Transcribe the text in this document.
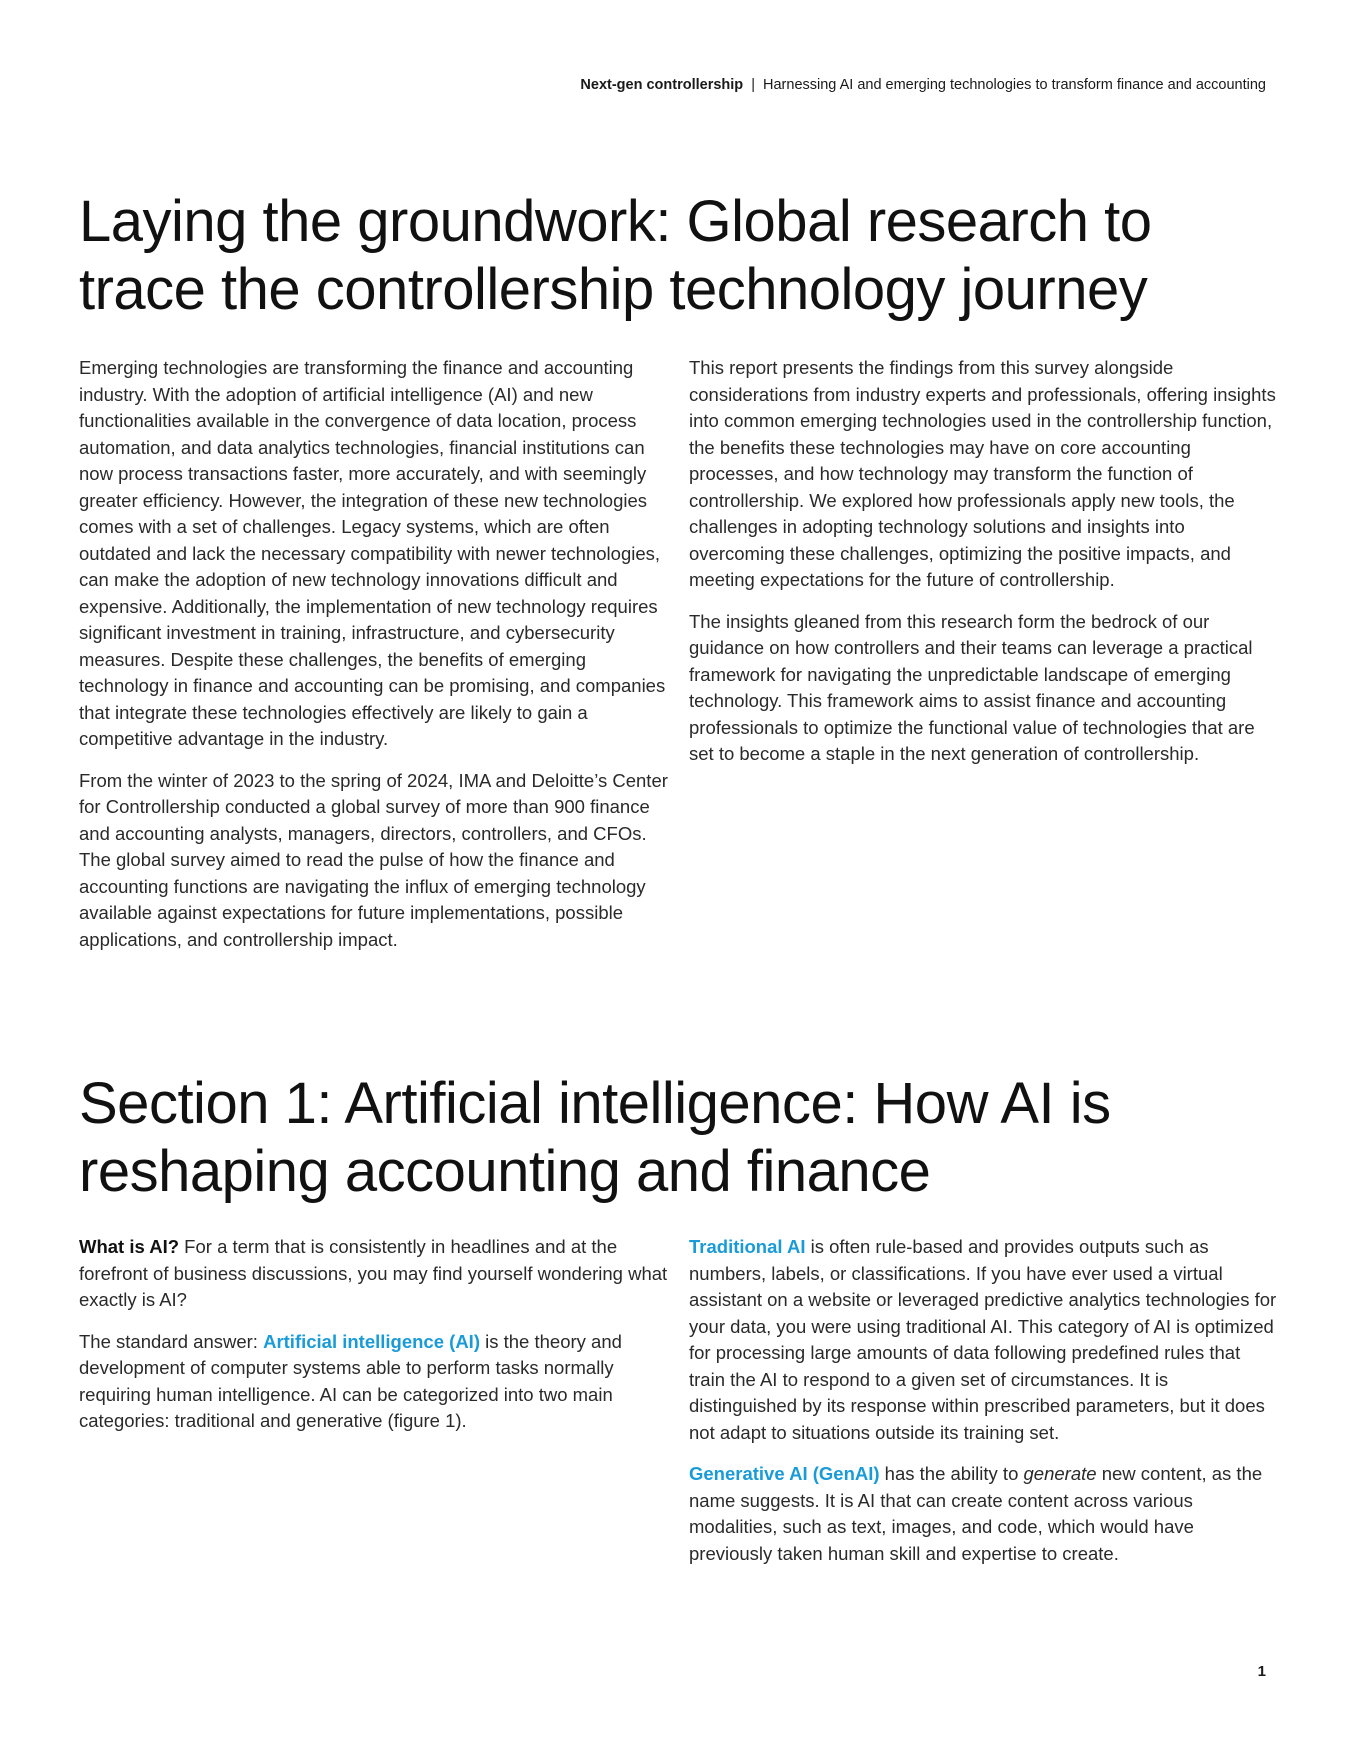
Next-gen controllership | Harnessing AI and emerging technologies to transform finance and accounting
Laying the groundwork: Global research to trace the controllership technology journey

Emerging technologies are transforming the finance and accounting industry. With the adoption of artificial intelligence (AI) and new functionalities available in the convergence of data location, process automation, and data analytics technologies, financial institutions can now process transactions faster, more accurately, and with seemingly greater efficiency. However, the integration of these new technologies comes with a set of challenges. Legacy systems, which are often outdated and lack the necessary compatibility with newer technologies, can make the adoption of new technology innovations difficult and expensive. Additionally, the implementation of new technology requires significant investment in training, infrastructure, and cybersecurity measures. Despite these challenges, the benefits of emerging technology in finance and accounting can be promising, and companies that integrate these technologies effectively are likely to gain a competitive advantage in the industry.

From the winter of 2023 to the spring of 2024, IMA and Deloitte’s Center for Controllership conducted a global survey of more than 900 finance and accounting analysts, managers, directors, controllers, and CFOs. The global survey aimed to read the pulse of how the finance and accounting functions are navigating the influx of emerging technology available against expectations for future implementations, possible applications, and controllership impact.

This report presents the findings from this survey alongside considerations from industry experts and professionals, offering insights into common emerging technologies used in the controllership function, the benefits these technologies may have on core accounting processes, and how technology may transform the function of controllership. We explored how professionals apply new tools, the challenges in adopting technology solutions and insights into overcoming these challenges, optimizing the positive impacts, and meeting expectations for the future of controllership.

The insights gleaned from this research form the bedrock of our guidance on how controllers and their teams can leverage a practical framework for navigating the unpredictable landscape of emerging technology. This framework aims to assist finance and accounting professionals to optimize the functional value of technologies that are set to become a staple in the next generation of controllership.

Section 1: Artificial intelligence: How AI is reshaping accounting and finance

What is AI? For a term that is consistently in headlines and at the forefront of business discussions, you may find yourself wondering what exactly is AI?

The standard answer: Artificial intelligence (AI) is the theory and development of computer systems able to perform tasks normally requiring human intelligence. AI can be categorized into two main categories: traditional and generative (figure 1).

Traditional AI is often rule-based and provides outputs such as numbers, labels, or classifications. If you have ever used a virtual assistant on a website or leveraged predictive analytics technologies for your data, you were using traditional AI. This category of AI is optimized for processing large amounts of data following predefined rules that train the AI to respond to a given set of circumstances. It is distinguished by its response within prescribed parameters, but it does not adapt to situations outside its training set.

Generative AI (GenAI) has the ability to generate new content, as the name suggests. It is AI that can create content across various modalities, such as text, images, and code, which would have previously taken human skill and expertise to create.

1
